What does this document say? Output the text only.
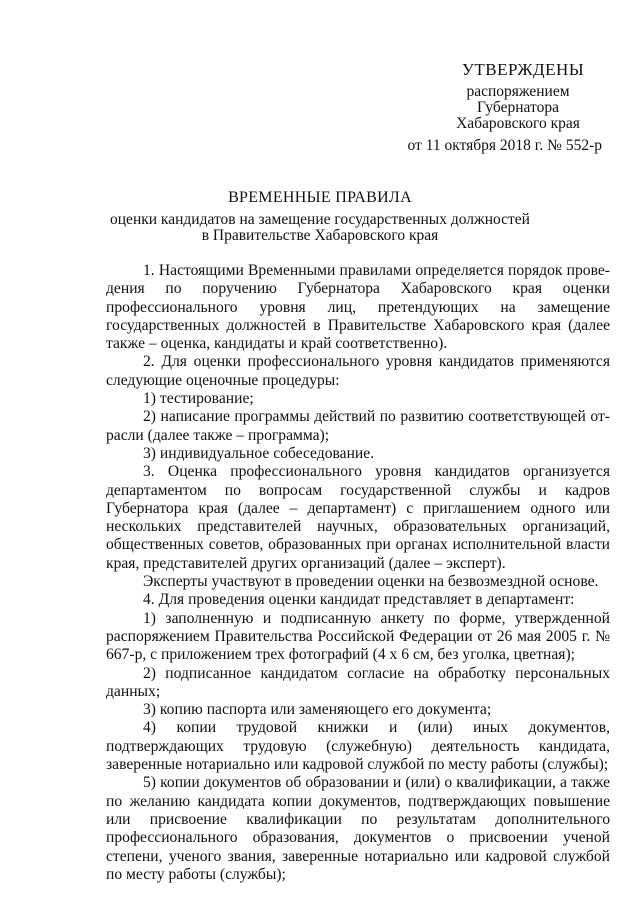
УТВЕРЖДЕНЫ
распоряжением
Губернатора
Хабаровского края
от 11 октября 2018 г. № 552-р
ВРЕМЕННЫЕ ПРАВИЛА
оценки кандидатов на замещение государственных должностей
в Правительстве Хабаровского края

1. Настоящими Временными правилами определяется порядок проведения по поручению Губернатора Хабаровского края оценки профессионального уровня лиц, претендующих на замещение государственных должностей в Правительстве Хабаровского края (далее также – оценка, кандидаты и край соответственно).

2. Для оценки профессионального уровня кандидатов применяются следующие оценочные процедуры:

1) тестирование;

2) написание программы действий по развитию соответствующей отрасли (далее также – программа);

3) индивидуальное собеседование.

3. Оценка профессионального уровня кандидатов организуется департаментом по вопросам государственной службы и кадров Губернатора края (далее – департамент) с приглашением одного или нескольких представителей научных, образовательных организаций, общественных советов, образованных при органах исполнительной власти края, представителей других организаций (далее – эксперт).

Эксперты участвуют в проведении оценки на безвозмездной основе.

4. Для проведения оценки кандидат представляет в департамент:

1) заполненную и подписанную анкету по форме, утвержденной распоряжением Правительства Российской Федерации от 26 мая 2005 г. № 667-р, с приложением трех фотографий (4 х 6 см, без уголка, цветная);

2) подписанное кандидатом согласие на обработку персональных данных;

3) копию паспорта или заменяющего его документа;

4) копии трудовой книжки и (или) иных документов, подтверждающих трудовую (служебную) деятельность кандидата, заверенные нотариально или кадровой службой по месту работы (службы);

5) копии документов об образовании и (или) о квалификации, а также по желанию кандидата копии документов, подтверждающих повышение или присвоение квалификации по результатам дополнительного профессионального образования, документов о присвоении ученой степени, ученого звания, заверенные нотариально или кадровой службой по месту работы (службы);
